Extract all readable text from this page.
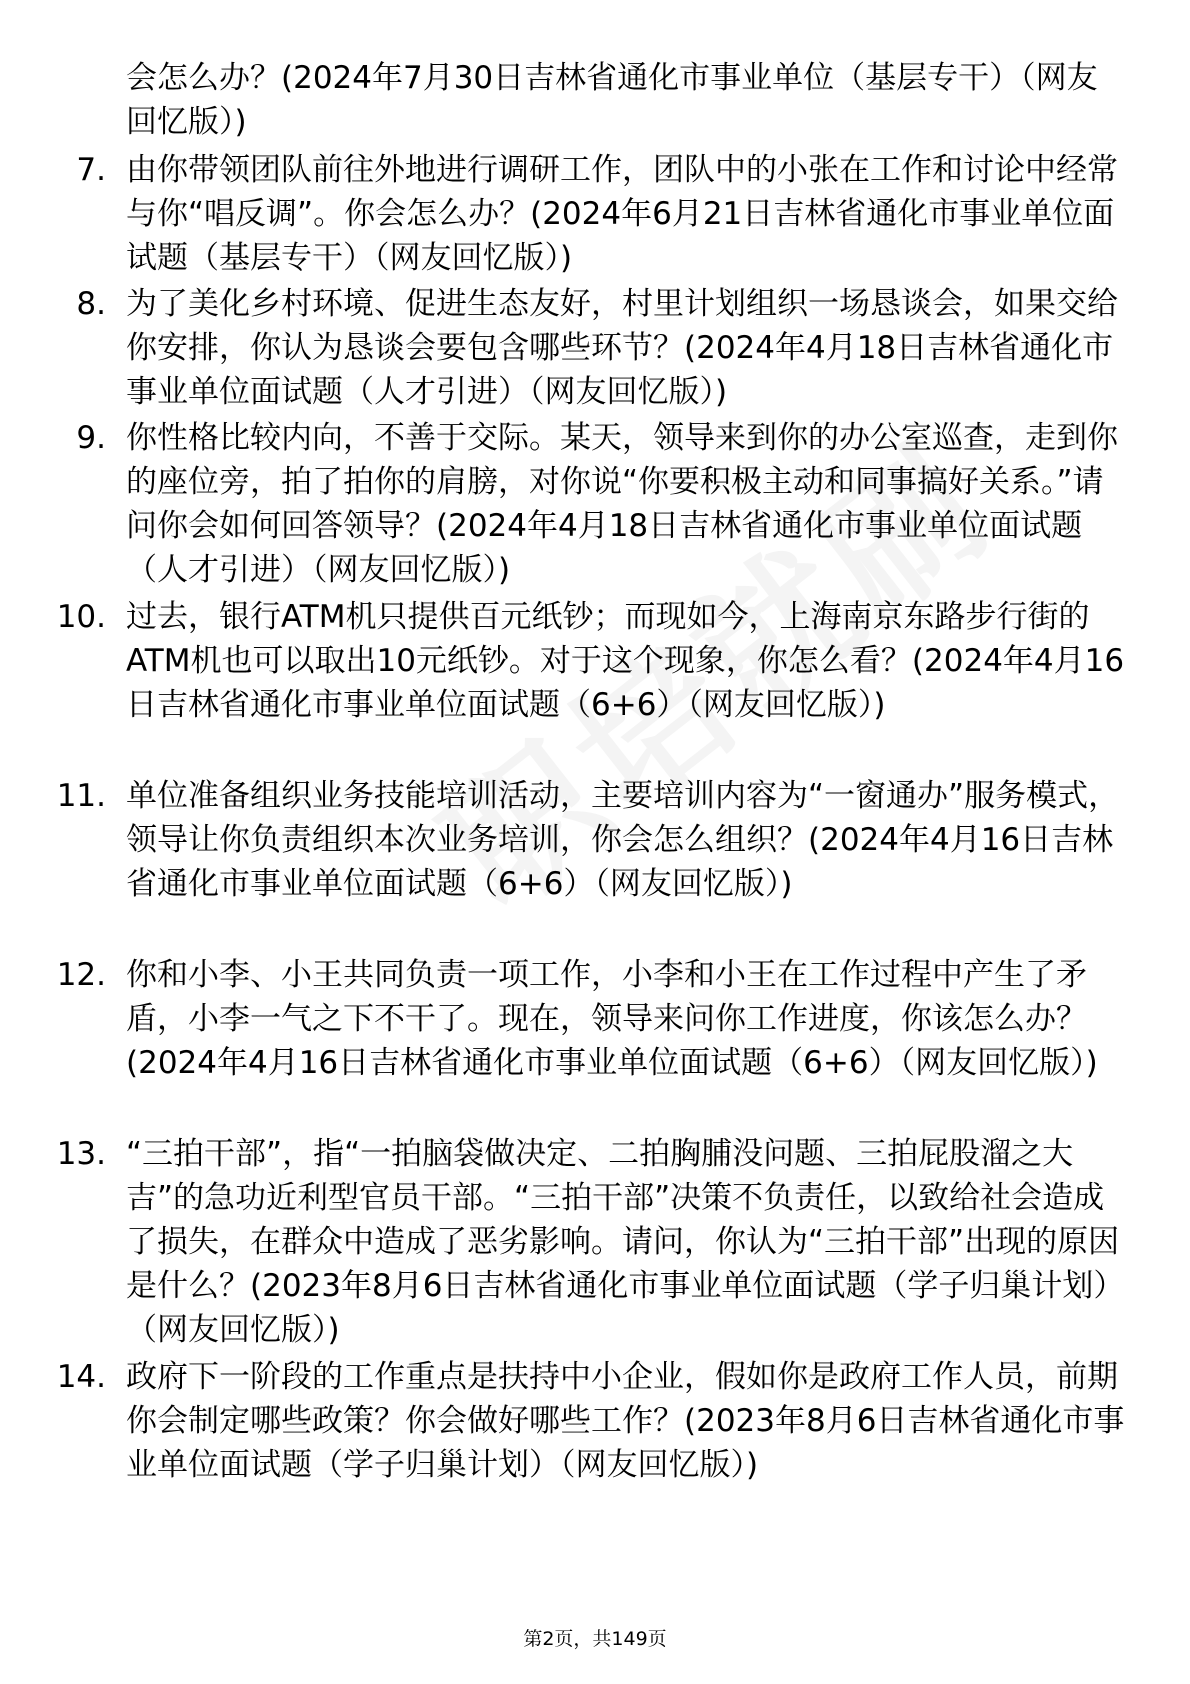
会怎么办？(2024年7月30日吉林省通化市事业单位（基层专干）（网友回忆版）)
7. 由你带领团队前往外地进行调研工作，团队中的小张在工作和讨论中经常与你“唱反调”。你会怎么办？(2024年6月21日吉林省通化市事业单位面试题（基层专干）（网友回忆版）)
8. 为了美化乡村环境、促进生态友好，村里计划组织一场恳谈会，如果交给你安排，你认为恳谈会要包含哪些环节？(2024年4月18日吉林省通化市事业单位面试题（人才引进）（网友回忆版）)
9. 你性格比较内向，不善于交际。某天，领导来到你的办公室巡查，走到你的座位旁，拍了拍你的肩膀，对你说“你要积极主动和同事搞好关系。”请问你会如何回答领导？(2024年4月18日吉林省通化市事业单位面试题（人才引进）（网友回忆版）)
10. 过去，银行ATM机只提供百元纸钞；而现如今，上海南京东路步行街的ATM机也可以取出10元纸钞。对于这个现象，你怎么看？(2024年4月16日吉林省通化市事业单位面试题（6+6）（网友回忆版）)
11. 单位准备组织业务技能培训活动，主要培训内容为“一窗通办”服务模式，领导让你负责组织本次业务培训，你会怎么组织？(2024年4月16日吉林省通化市事业单位面试题（6+6）（网友回忆版）)
12. 你和小李、小王共同负责一项工作，小李和小王在工作过程中产生了矛盾，小李一气之下不干了。现在，领导来问你工作进度，你该怎么办？(2024年4月16日吉林省通化市事业单位面试题（6+6）（网友回忆版）)
13. “三拍干部”，指“一拍脑袋做决定、二拍胸脯没问题、三拍屁股溜之大吉”的急功近利型官员干部。“三拍干部”决策不负责任，以致给社会造成了损失，在群众中造成了恶劣影响。请问，你认为“三拍干部”出现的原因是什么？(2023年8月6日吉林省通化市事业单位面试题（学子归巢计划）（网友回忆版）)
14. 政府下一阶段的工作重点是扶持中小企业，假如你是政府工作人员，前期你会制定哪些政策？你会做好哪些工作？(2023年8月6日吉林省通化市事业单位面试题（学子归巢计划）（网友回忆版）)
第2页，共149页
